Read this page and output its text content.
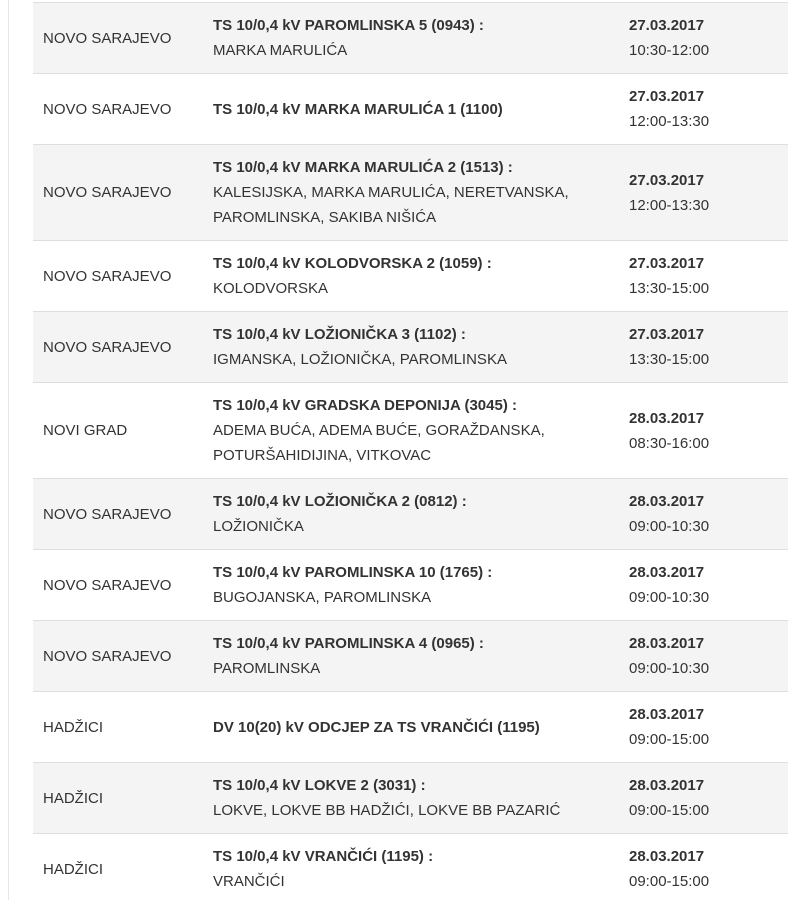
NOVO SARAJEVO	TS 10/0,4 kV PAROMLINSKA 5 (0943) :
MARKA MARULIĆA	27.03.2017
10:30-12:00

NOVO SARAJEVO	TS 10/0,4 kV MARKA MARULIĆA 1 (1100)	27.03.2017
12:00-13:30

NOVO SARAJEVO	TS 10/0,4 kV MARKA MARULIĆA 2 (1513) :
KALESIJSKA, MARKA MARULIĆA, NERETVANSKA, PAROMLINSKA, SAKIBA NIŠIĆA	27.03.2017
12:00-13:30

NOVO SARAJEVO	TS 10/0,4 kV KOLODVORSKA 2 (1059) :
KOLODVORSKA	27.03.2017
13:30-15:00

NOVO SARAJEVO	TS 10/0,4 kV LOŽIONIČKA 3 (1102) :
IGMANSKA, LOŽIONIČKA, PAROMLINSKA	27.03.2017
13:30-15:00

NOVI GRAD	TS 10/0,4 kV GRADSKA DEPONIJA (3045) :
ADEMA BUĆA, ADEMA BUĆE, GORAŽDANSKA, POTURŠAHIDIJINA, VITKOVAC	28.03.2017
08:30-16:00

NOVO SARAJEVO	TS 10/0,4 kV LOŽIONIČKA 2 (0812) :
LOŽIONIČKA	28.03.2017
09:00-10:30

NOVO SARAJEVO	TS 10/0,4 kV PAROMLINSKA 10 (1765) :
BUGOJANSKA, PAROMLINSKA	28.03.2017
09:00-10:30

NOVO SARAJEVO	TS 10/0,4 kV PAROMLINSKA 4 (0965) :
PAROMLINSKA	28.03.2017
09:00-10:30

HADŽICI	DV 10(20) kV ODCJEP ZA TS VRANČIĆI (1195)	28.03.2017
09:00-15:00

HADŽICI	TS 10/0,4 kV LOKVE 2 (3031) :
LOKVE, LOKVE BB HADŽIĆI, LOKVE BB PAZARIĆ	28.03.2017
09:00-15:00

HADŽICI	TS 10/0,4 kV VRANČIĆI (1195) :
VRANČIĆI	28.03.2017
09:00-15:00
